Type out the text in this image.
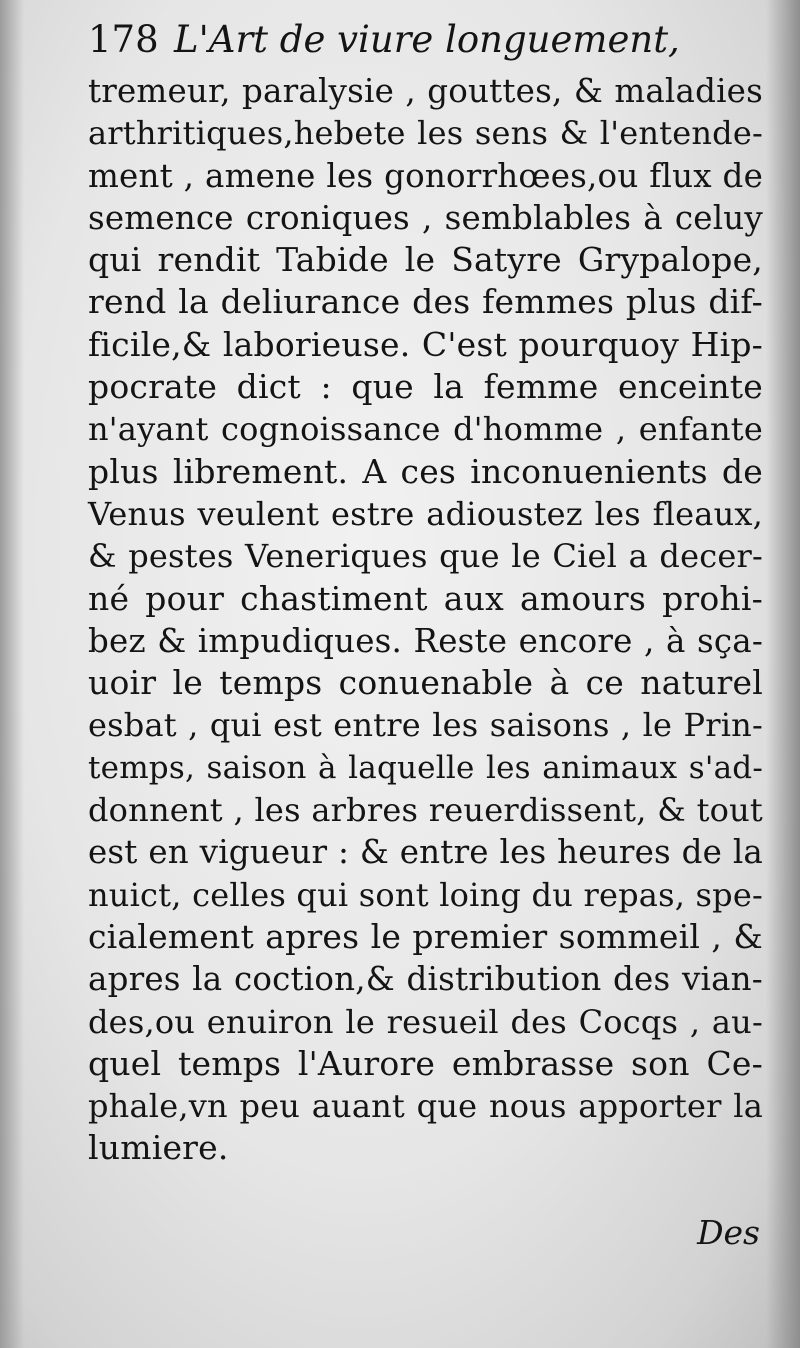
178 L'Art de viure longuement,
tremeur, paralysie , gouttes, & maladies
arthritiques,hebete les sens & l'entende-
ment , amene les gonorrhœes,ou flux de
semence croniques , semblables à celuy
qui rendit Tabide le Satyre Grypalope,
rend la deliurance des femmes plus dif-
ficile,& laborieuse. C'est pourquoy Hip-
pocrate dict : que la femme enceinte
n'ayant cognoissance d'homme , enfante
plus librement. A ces inconuenients de
Venus veulent estre adioustez les fleaux,
& pestes Veneriques que le Ciel a decer-
né pour chastiment aux amours prohi-
bez & impudiques. Reste encore , à sça-
uoir le temps conuenable à ce naturel
esbat , qui est entre les saisons , le Prin-
temps, saison à laquelle les animaux s'ad-
donnent , les arbres reuerdissent, & tout
est en vigueur : & entre les heures de la
nuict, celles qui sont loing du repas, spe-
cialement apres le premier sommeil , &
apres la coction,& distribution des vian-
des,ou enuiron le resueil des Cocqs , au-
quel temps l'Aurore embrasse son Ce-
phale,vn peu auant que nous apporter la
lumiere.
Des
